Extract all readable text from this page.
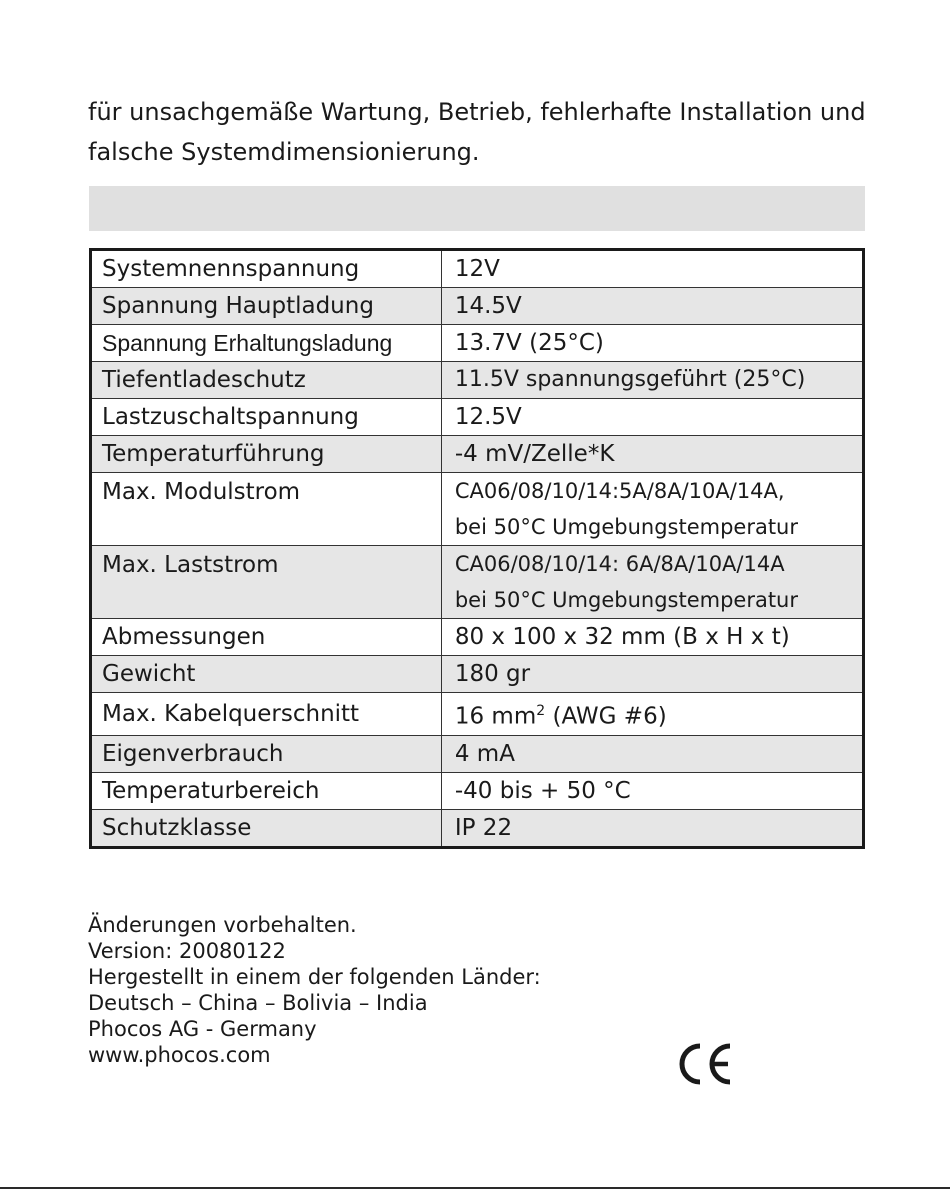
für unsachgemäße Wartung, Betrieb, fehlerhafte Installation und
falsche Systemdimensionierung.

Systemnennspannung	12V
Spannung Hauptladung	14.5V
Spannung Erhaltungsladung	13.7V (25°C)
Tiefentladeschutz	11.5V spannungsgeführt (25°C)
Lastzuschaltspannung	12.5V
Temperaturführung	-4 mV/Zelle*K
Max. Modulstrom	CA06/08/10/14:5A/8A/10A/14A,
bei 50°C Umgebungstemperatur

Max. Laststrom	CA06/08/10/14: 6A/8A/10A/14A
bei 50°C Umgebungstemperatur

Abmessungen	80 x 100 x 32 mm (B x H x t)
Gewicht	180 gr
Max. Kabelquerschnitt	16 $mm^2$ (AWG #6)
Eigenverbrauch	4 mA
Temperaturbereich	-40 bis + 50 °C
Schutzklasse	IP 22
Änderungen vorbehalten.
Version: 20080122
Hergestellt in einem der folgenden Länder:
Deutsch – China – Bolivia – India
Phocos AG - Germany
www.phocos.com
